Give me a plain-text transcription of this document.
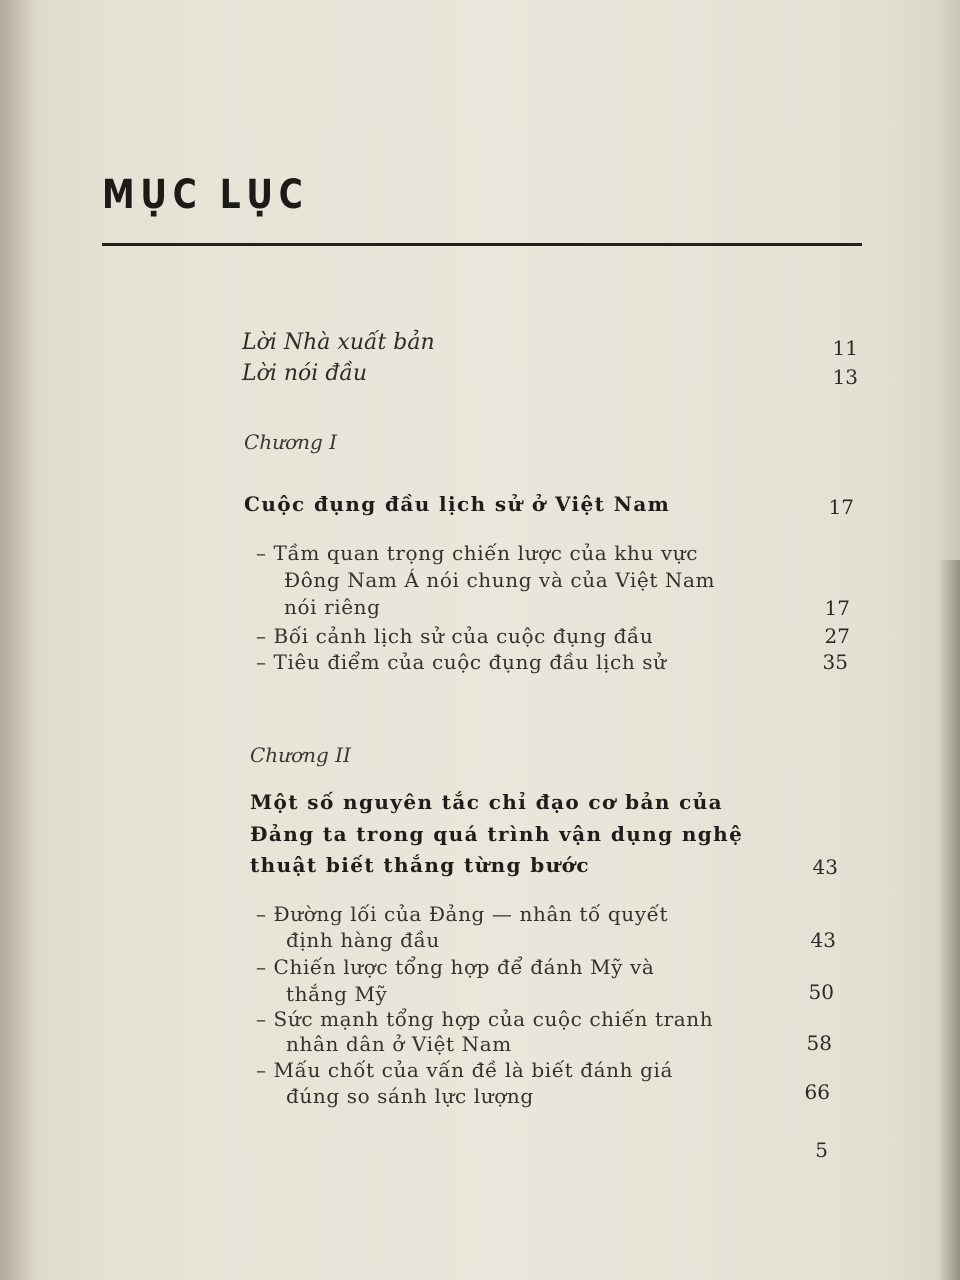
MỤC LỤC
Lời Nhà xuất bản	11
Lời nói đầu	13
Chương I
Cuộc đụng đầu lịch sử ở Việt Nam	17
– Tầm quan trọng chiến lược của khu vực
Đông Nam Á nói chung và của Việt Nam
nói riêng	17
– Bối cảnh lịch sử của cuộc đụng đầu	27
– Tiêu điểm của cuộc đụng đầu lịch sử	35
Chương II
Một số nguyên tắc chỉ đạo cơ bản của
Đảng ta trong quá trình vận dụng nghệ
thuật biết thắng từng bước	43
– Đường lối của Đảng — nhân tố quyết
định hàng đầu	43
– Chiến lược tổng hợp để đánh Mỹ và
thắng Mỹ	50
– Sức mạnh tổng hợp của cuộc chiến tranh
nhân dân ở Việt Nam	58
– Mấu chốt của vấn đề là biết đánh giá
đúng so sánh lực lượng	66
5
